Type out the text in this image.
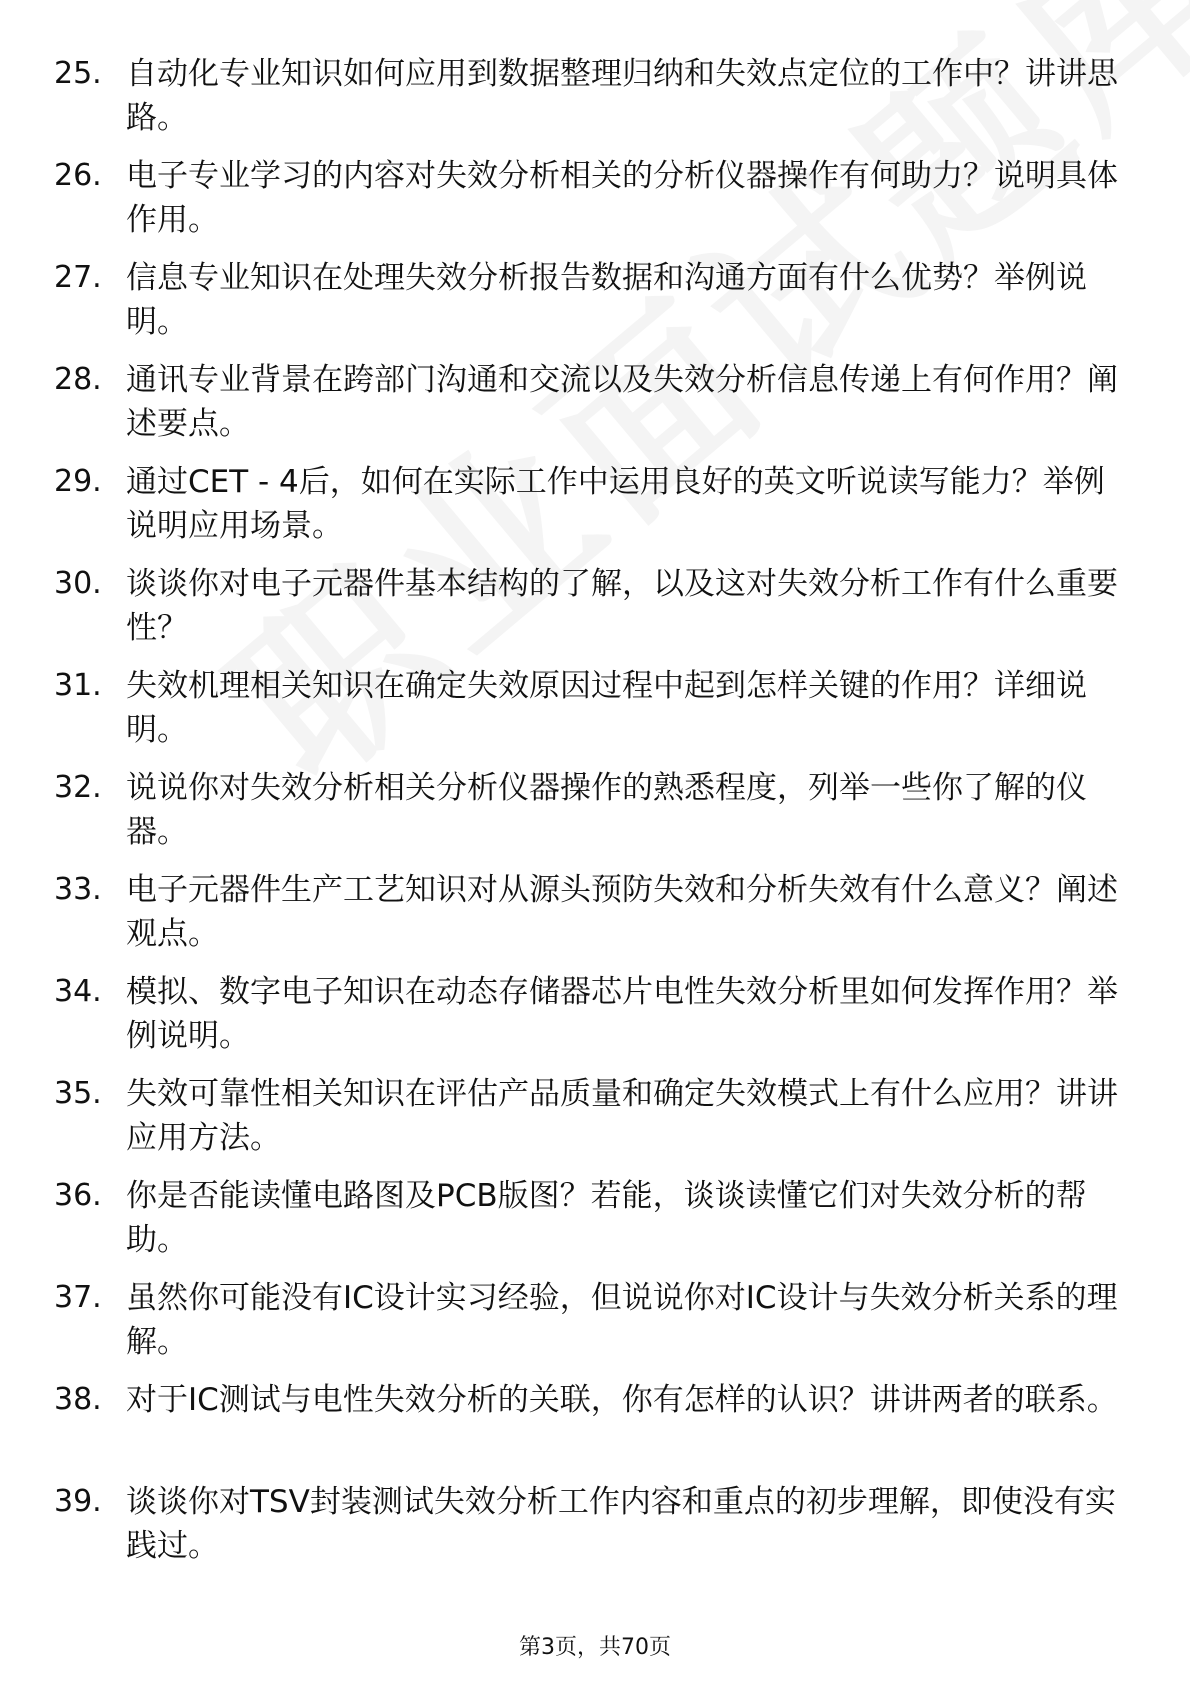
25. 自动化专业知识如何应用到数据整理归纳和失效点定位的工作中？讲讲思路。
26. 电子专业学习的内容对失效分析相关的分析仪器操作有何助力？说明具体作用。
27. 信息专业知识在处理失效分析报告数据和沟通方面有什么优势？举例说明。
28. 通讯专业背景在跨部门沟通和交流以及失效分析信息传递上有何作用？阐述要点。
29. 通过CET - 4后，如何在实际工作中运用良好的英文听说读写能力？举例说明应用场景。
30. 谈谈你对电子元器件基本结构的了解，以及这对失效分析工作有什么重要性？
31. 失效机理相关知识在确定失效原因过程中起到怎样关键的作用？详细说明。
32. 说说你对失效分析相关分析仪器操作的熟悉程度，列举一些你了解的仪器。
33. 电子元器件生产工艺知识对从源头预防失效和分析失效有什么意义？阐述观点。
34. 模拟、数字电子知识在动态存储器芯片电性失效分析里如何发挥作用？举例说明。
35. 失效可靠性相关知识在评估产品质量和确定失效模式上有什么应用？讲讲应用方法。
36. 你是否能读懂电路图及PCB版图？若能，谈谈读懂它们对失效分析的帮助。
37. 虽然你可能没有IC设计实习经验，但说说你对IC设计与失效分析关系的理解。
38. 对于IC测试与电性失效分析的关联，你有怎样的认识？讲讲两者的联系。
39. 谈谈你对TSV封装测试失效分析工作内容和重点的初步理解，即使没有实践过。
第3页，共70页
